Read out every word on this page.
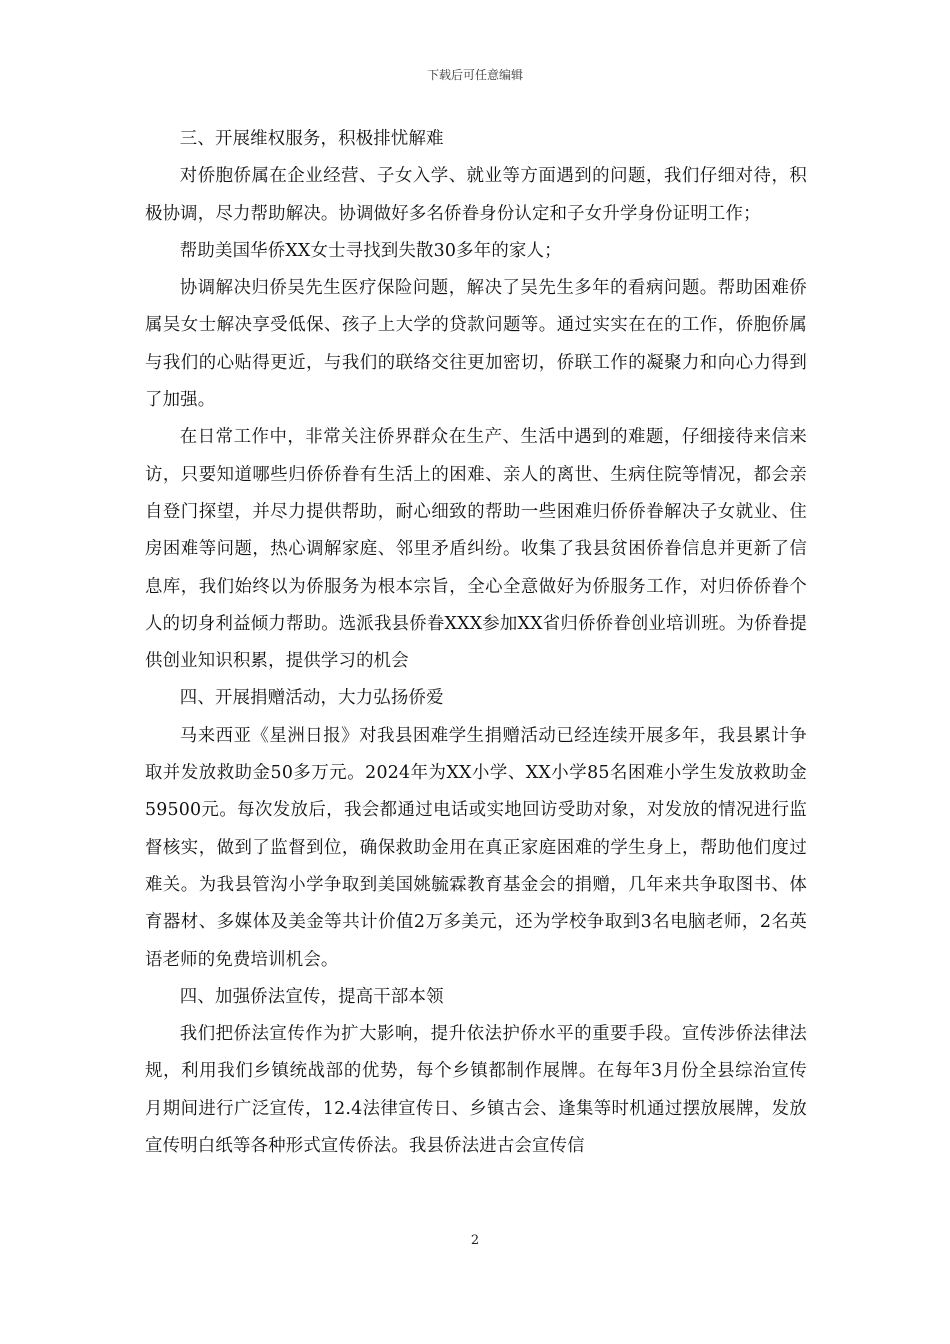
下载后可任意编辑

三、开展维权服务，积极排忧解难

对侨胞侨属在企业经营、子女入学、就业等方面遇到的问题，我们仔细对待，积极协调，尽力帮助解决。协调做好多名侨眷身份认定和子女升学身份证明工作；

帮助美国华侨XX女士寻找到失散30多年的家人；

协调解决归侨吴先生医疗保险问题，解决了吴先生多年的看病问题。帮助困难侨属吴女士解决享受低保、孩子上大学的贷款问题等。通过实实在在的工作，侨胞侨属与我们的心贴得更近，与我们的联络交往更加密切，侨联工作的凝聚力和向心力得到了加强。

在日常工作中，非常关注侨界群众在生产、生活中遇到的难题，仔细接待来信来访，只要知道哪些归侨侨眷有生活上的困难、亲人的离世、生病住院等情况，都会亲自登门探望，并尽力提供帮助，耐心细致的帮助一些困难归侨侨眷解决子女就业、住房困难等问题，热心调解家庭、邻里矛盾纠纷。收集了我县贫困侨眷信息并更新了信息库，我们始终以为侨服务为根本宗旨，全心全意做好为侨服务工作，对归侨侨眷个人的切身利益倾力帮助。选派我县侨眷XXX参加XX省归侨侨眷创业培训班。为侨眷提供创业知识积累，提供学习的机会

四、开展捐赠活动，大力弘扬侨爱

马来西亚《星洲日报》对我县困难学生捐赠活动已经连续开展多年，我县累计争取并发放救助金50多万元。2024年为XX小学、XX小学85名困难小学生发放救助金59500元。每次发放后，我会都通过电话或实地回访受助对象，对发放的情况进行监督核实，做到了监督到位，确保救助金用在真正家庭困难的学生身上，帮助他们度过难关。为我县管沟小学争取到美国姚毓霖教育基金会的捐赠，几年来共争取图书、体育器材、多媒体及美金等共计价值2万多美元，还为学校争取到3名电脑老师，2名英语老师的免费培训机会。

四、加强侨法宣传，提高干部本领

我们把侨法宣传作为扩大影响，提升依法护侨水平的重要手段。宣传涉侨法律法规，利用我们乡镇统战部的优势，每个乡镇都制作展牌。在每年3月份全县综治宣传月期间进行广泛宣传，12.4法律宣传日、乡镇古会、逢集等时机通过摆放展牌，发放宣传明白纸等各种形式宣传侨法。我县侨法进古会宣传信

2
